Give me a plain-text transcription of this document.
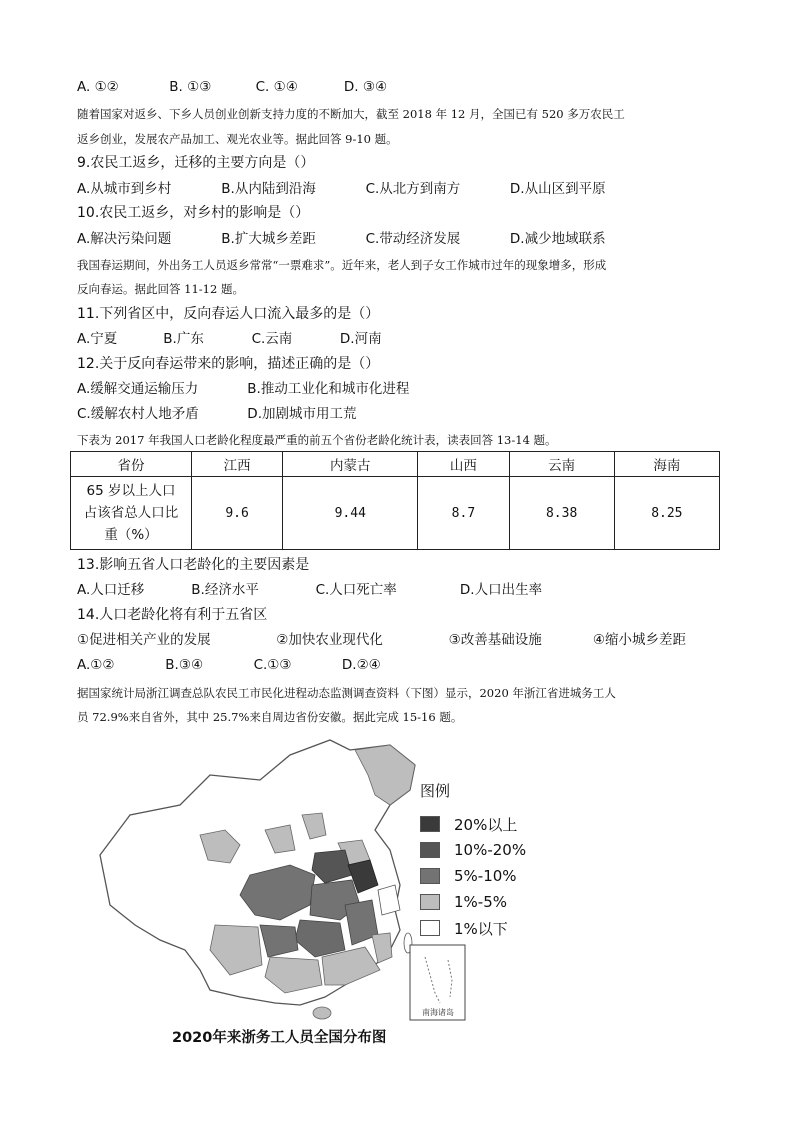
A. ①②	B. ①③	C. ①④	D. ③④
随着国家对返乡、下乡人员创业创新支持力度的不断加大，截至 2018 年 12 月，全国已有 520 多万农民工
返乡创业，发展农产品加工、观光农业等。据此回答 9-10 题。
9.农民工返乡，迁移的主要方向是（）
A.从城市到乡村	B.从内陆到沿海	C.从北方到南方	D.从山区到平原
10.农民工返乡，对乡村的影响是（）
A.解决污染问题	B.扩大城乡差距	C.带动经济发展	D.减少地域联系
我国春运期间，外出务工人员返乡常常“一票难求”。近年来，老人到子女工作城市过年的现象增多，形成
反向春运。据此回答 11-12 题。
11.下列省区中，反向春运人口流入最多的是（）
A.宁夏	B.广东	C.云南	D.河南
12.关于反向春运带来的影响，描述正确的是（）
A.缓解交通运输压力	B.推动工业化和城市化进程
C.缓解农村人地矛盾	D.加剧城市用工荒
下表为 2017 年我国人口老龄化程度最严重的前五个省份老龄化统计表，读表回答 13-14 题。
省份	江西	内蒙古	山西	云南	海南

65 岁以上人口
占该省总人口比
重（%）	9.6	9.44	8.7	8.38	8.25
13.影响五省人口老龄化的主要因素是
A.人口迁移	B.经济水平	C.人口死亡率	D.人口出生率
14.人口老龄化将有利于五省区
①促进相关产业的发展	②加快农业现代化	③改善基础设施	④缩小城乡差距
A.①②	B.③④	C.①③	D.②④
据国家统计局浙江调查总队农民工市民化进程动态监测调查资料（下图）显示，2020 年浙江省进城务工人
员 72.9%来自省外，其中 25.7%来自周边省份安徽。据此完成 15-16 题。
南海诸岛
图例
20%以上
10%-20%
5%-10%
1%-5%
1%以下
2020年来浙务工人员全国分布图
